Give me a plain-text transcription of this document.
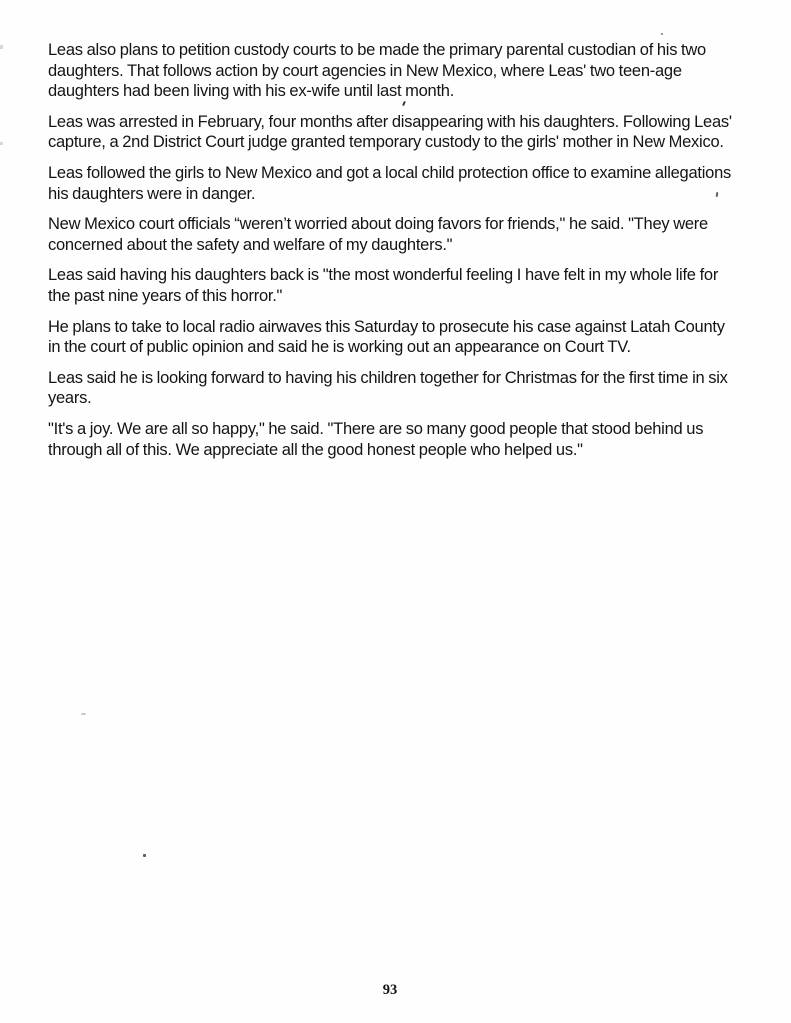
Leas also plans to petition custody courts to be made the primary parental custodian of his two daughters. That follows action by court agencies in New Mexico, where Leas' two teen-age daughters had been living with his ex-wife until last month.

Leas was arrested in February, four months after disappearing with his daughters. Following Leas' capture, a 2nd District Court judge granted temporary custody to the girls' mother in New Mexico.

Leas followed the girls to New Mexico and got a local child protection office to examine allegations his daughters were in danger.

New Mexico court officials “weren’t worried about doing favors for friends," he said. "They were concerned about the safety and welfare of my daughters."

Leas said having his daughters back is "the most wonderful feeling I have felt in my whole life for the past nine years of this horror."

He plans to take to local radio airwaves this Saturday to prosecute his case against Latah County in the court of public opinion and said he is working out an appearance on Court TV.

Leas said he is looking forward to having his children together for Christmas for the first time in six years.

"It's a joy. We are all so happy," he said. "There are so many good people that stood behind us through all of this. We appreciate all the good honest people who helped us."

93
